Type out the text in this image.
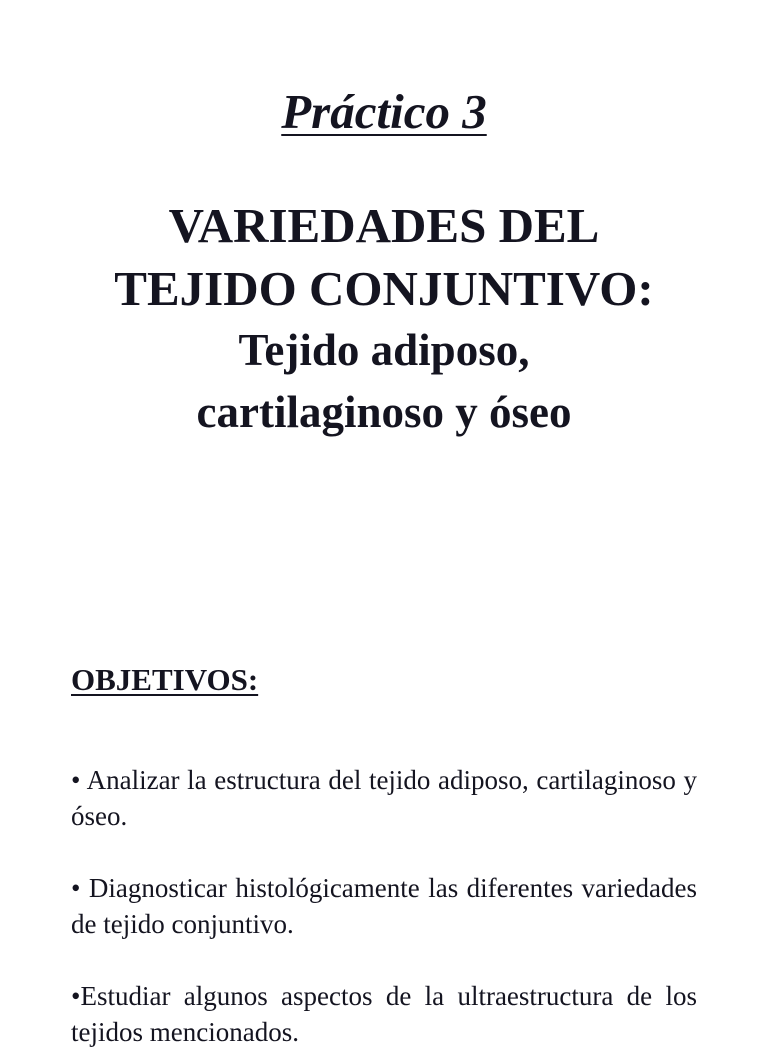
Práctico 3
VARIEDADES DEL
TEJIDO CONJUNTIVO:
Tejido adiposo,
cartilaginoso y óseo
OBJETIVOS:

• Analizar la estructura del tejido adiposo, cartilaginoso y óseo.

• Diagnosticar histológicamente las diferentes variedades de tejido conjuntivo.

•Estudiar algunos aspectos de la ultraestructura de los tejidos mencionados.
